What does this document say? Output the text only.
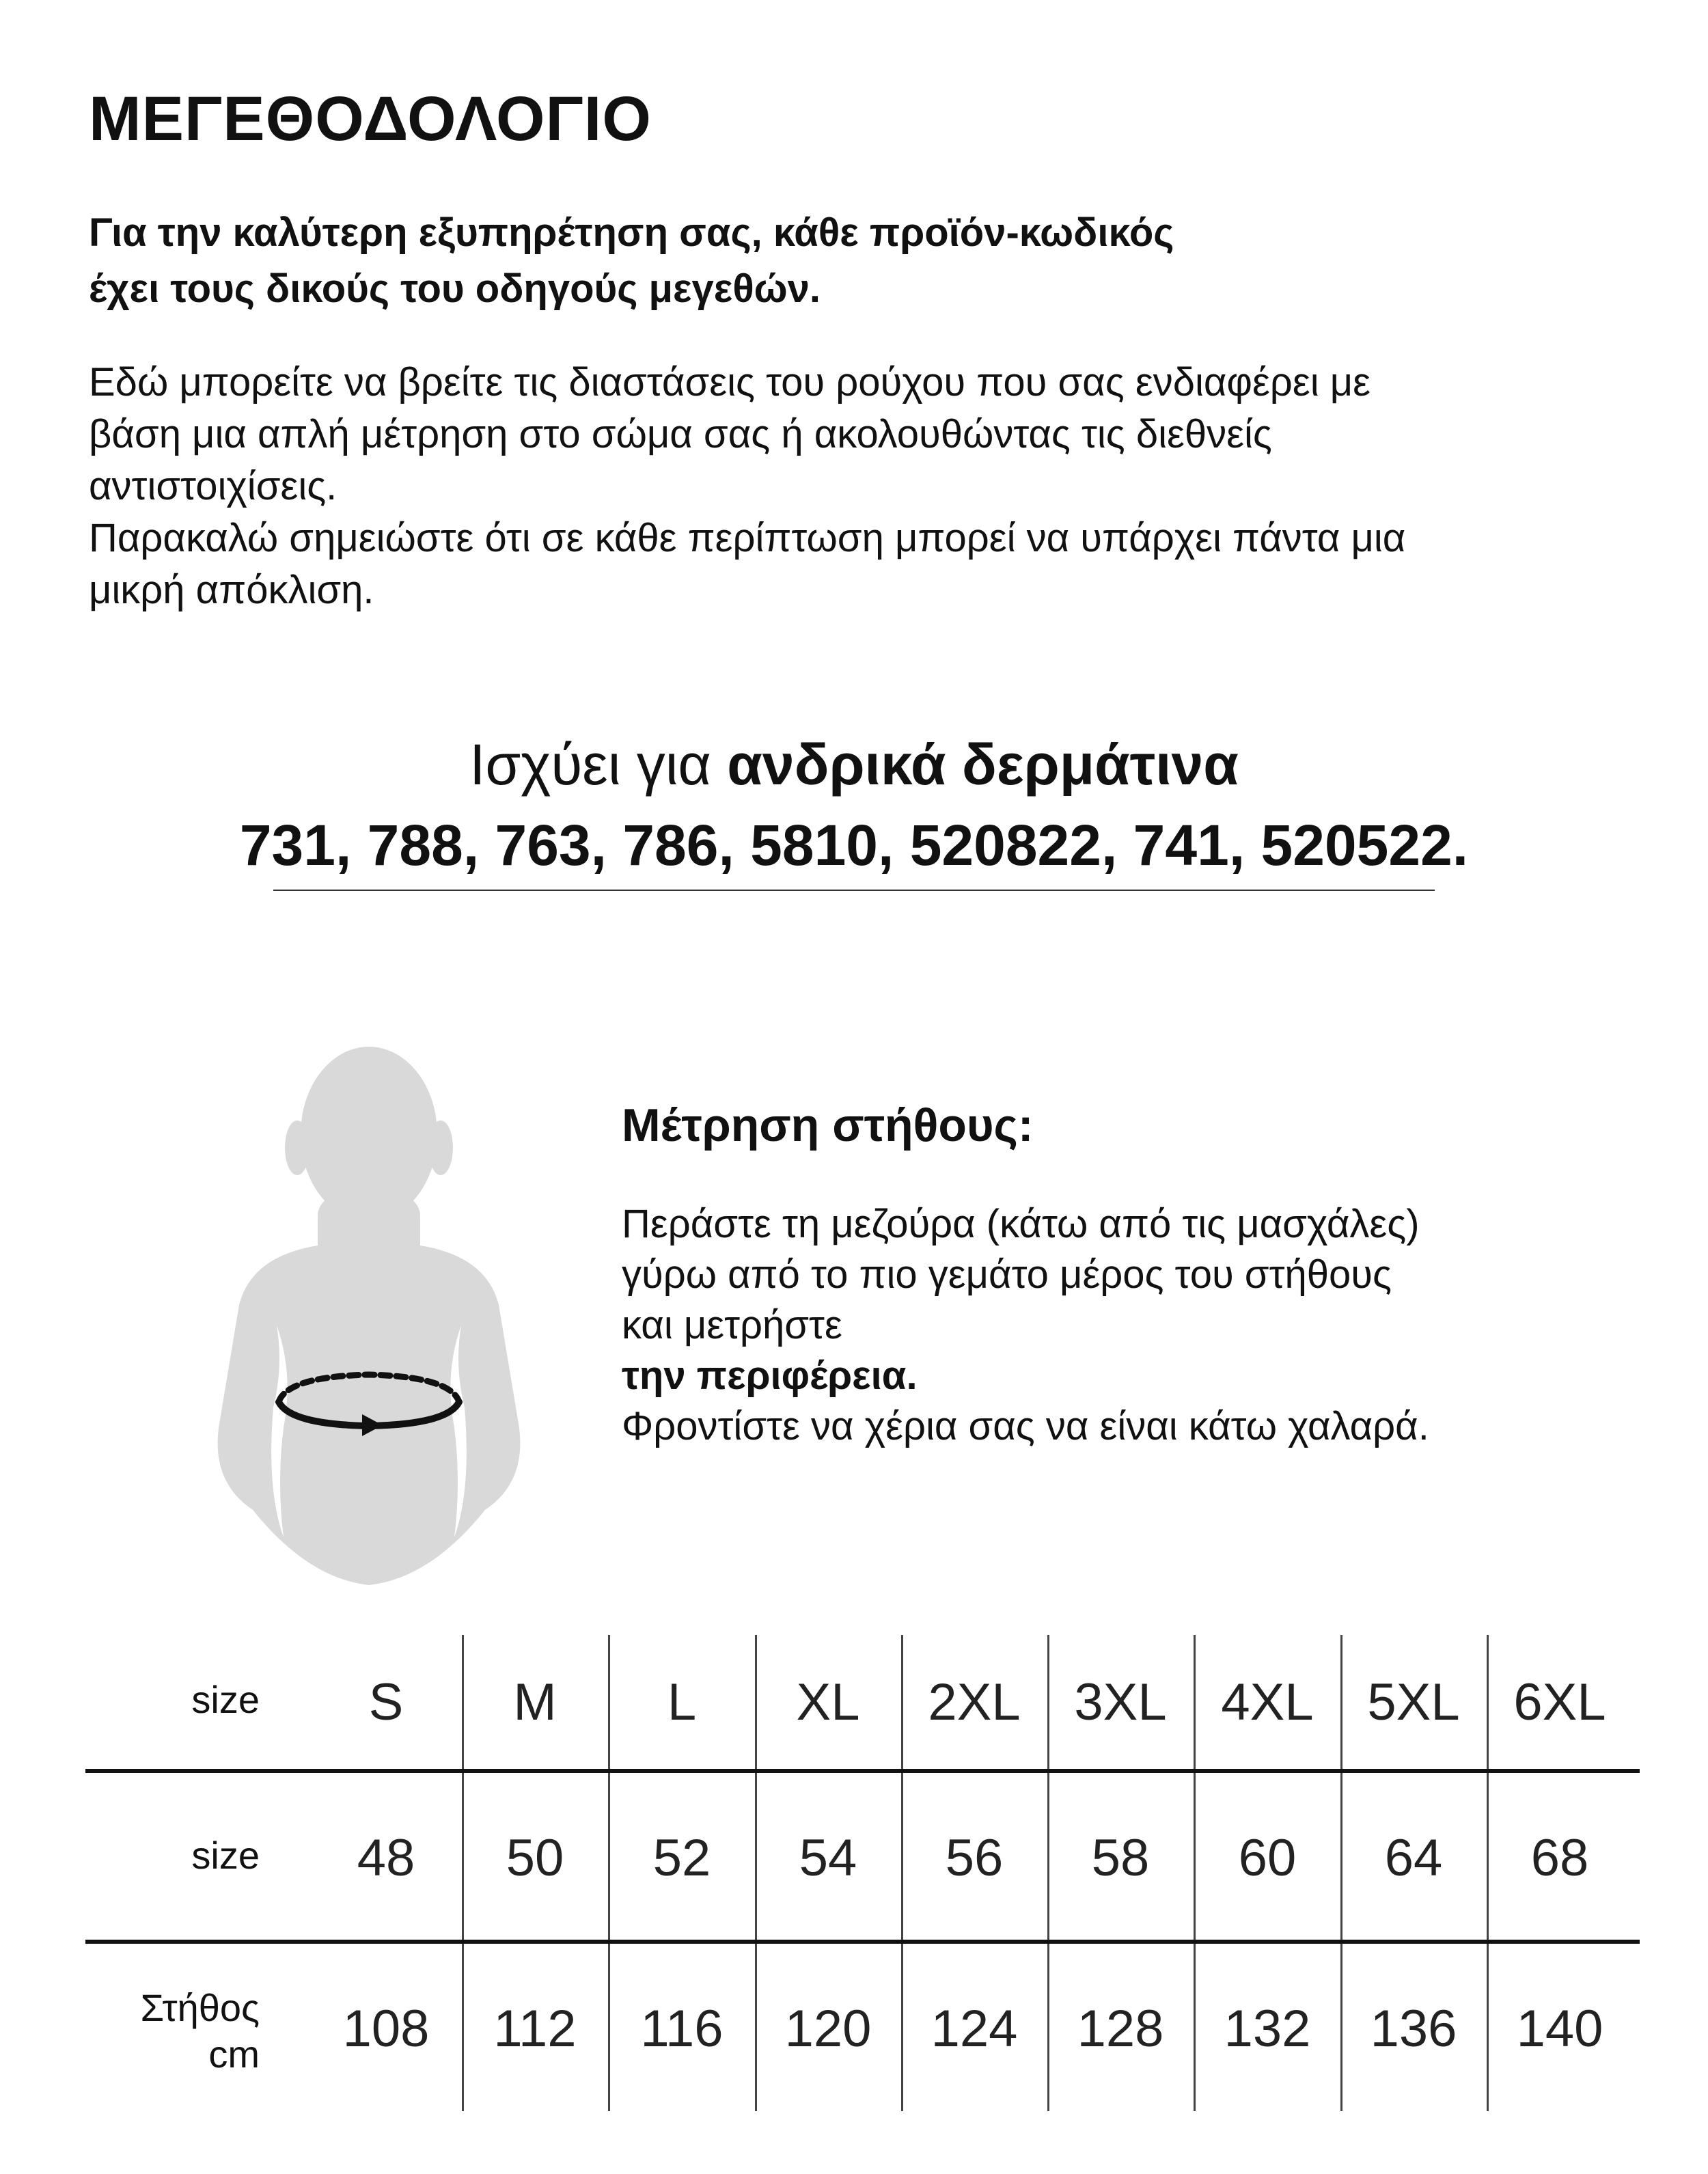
ΜΕΓΕΘΟΔΟΛΟΓΙΟ
Για την καλύτερη εξυπηρέτηση σας, κάθε προϊόν-κωδικός
έχει τους δικούς του οδηγούς μεγεθών.
Εδώ μπορείτε να βρείτε τις διαστάσεις του ρούχου που σας ενδιαφέρει με
βάση μια απλή μέτρηση στο σώμα σας ή ακολουθώντας τις διεθνείς
αντιστοιχίσεις.
Παρακαλώ σημειώστε ότι σε κάθε περίπτωση μπορεί να υπάρχει πάντα μια
μικρή απόκλιση.
Ισχύει για ανδρικά δερμάτινα
731, 788, 763, 786, 5810, 520822, 741, 520522.
Μέτρηση στήθους:
Περάστε τη μεζούρα (κάτω από τις μασχάλες)
γύρω από το πιο γεμάτο μέρος του στήθους
και μετρήστε
την περιφέρεια.
Φροντίστε να χέρια σας να είναι κάτω χαλαρά.
size	S	M	L	XL	2XL	3XL	4XL	5XL	6XL
size	48	50	52	54	56	58	60	64	68
Στήθος
cm	108	112	116	120	124	128	132	136	140
